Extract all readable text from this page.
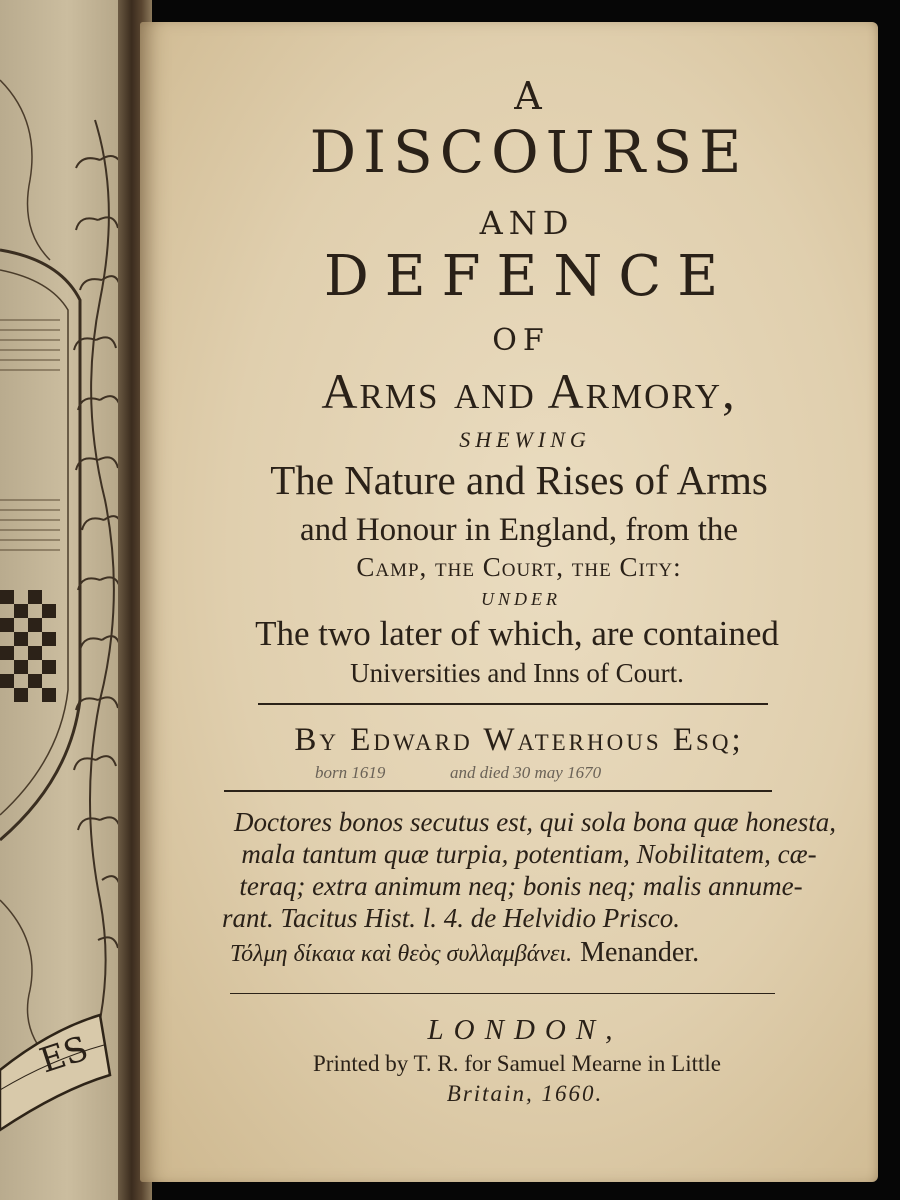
ES
A
DISCOURSE
AND
DEFENCE
OF
Arms and Armory,
SHEWING
The Nature and Rises of Arms
and Honour in England, from the
Camp, the Court, the City:
UNDER
The two later of which, are contained
Universities and Inns of Court.
By Edward Waterhous Esq;
born 1619	and died 30 may 1670
Doctores bonos secutus est, qui sola bona quæ honesta,
mala tantum quæ turpia, potentiam, Nobilitatem, cæ-
teraq; extra animum neq; bonis neq; malis annume-
rant. Tacitus Hist. l. 4. de Helvidio Prisco.
Τόλμη δίκαια καὶ θεὸς συλλαμβάνει. Menander.
LONDON,
Printed by T. R. for Samuel Mearne in Little
Britain, 1660.
